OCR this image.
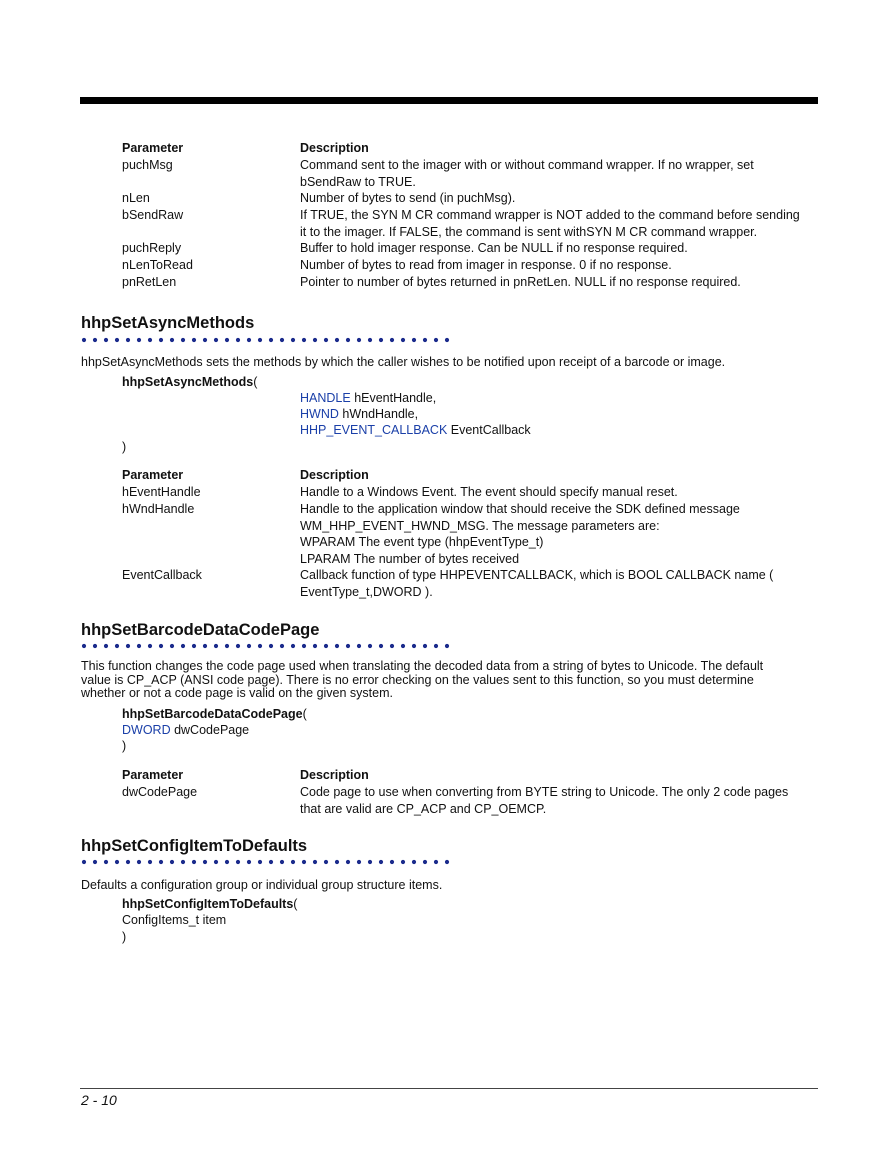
Parameter	Description
puchMsg	Command sent to the imager with or without command wrapper. If no wrapper, set
bSendRaw to TRUE.
nLen	Number of bytes to send (in puchMsg).
bSendRaw	If TRUE, the SYN M CR command wrapper is NOT added to the command before sending
it to the imager. If FALSE, the command is sent withSYN M CR command wrapper.
puchReply	Buffer to hold imager response. Can be NULL if no response required.
nLenToRead	Number of bytes to read from imager in response. 0 if no response.
pnRetLen	Pointer to number of bytes returned in pnRetLen. NULL if no response required.
hhpSetAsyncMethods
hhpSetAsyncMethods sets the methods by which the caller wishes to be notified upon receipt of a barcode or image.
hhpSetAsyncMethods(
HANDLE hEventHandle,
HWND hWndHandle,
HHP_EVENT_CALLBACK EventCallback
)
Parameter	Description
hEventHandle	Handle to a Windows Event. The event should specify manual reset.
hWndHandle	Handle to the application window that should receive the SDK defined message
WM_HHP_EVENT_HWND_MSG. The message parameters are:
WPARAM The event type (hhpEventType_t)
LPARAM The number of bytes received
EventCallback	Callback function of type HHPEVENTCALLBACK, which is BOOL CALLBACK name (
EventType_t,DWORD ).
hhpSetBarcodeDataCodePage
This function changes the code page used when translating the decoded data from a string of bytes to Unicode. The default
value is CP_ACP (ANSI code page). There is no error checking on the values sent to this function, so you must determine
whether or not a code page is valid on the given system.
hhpSetBarcodeDataCodePage(
DWORD dwCodePage
)
Parameter	Description
dwCodePage	Code page to use when converting from BYTE string to Unicode. The only 2 code pages
that are valid are CP_ACP and CP_OEMCP.
hhpSetConfigItemToDefaults
Defaults a configuration group or individual group structure items.
hhpSetConfigItemToDefaults(
ConfigItems_t item
)
2 - 10
